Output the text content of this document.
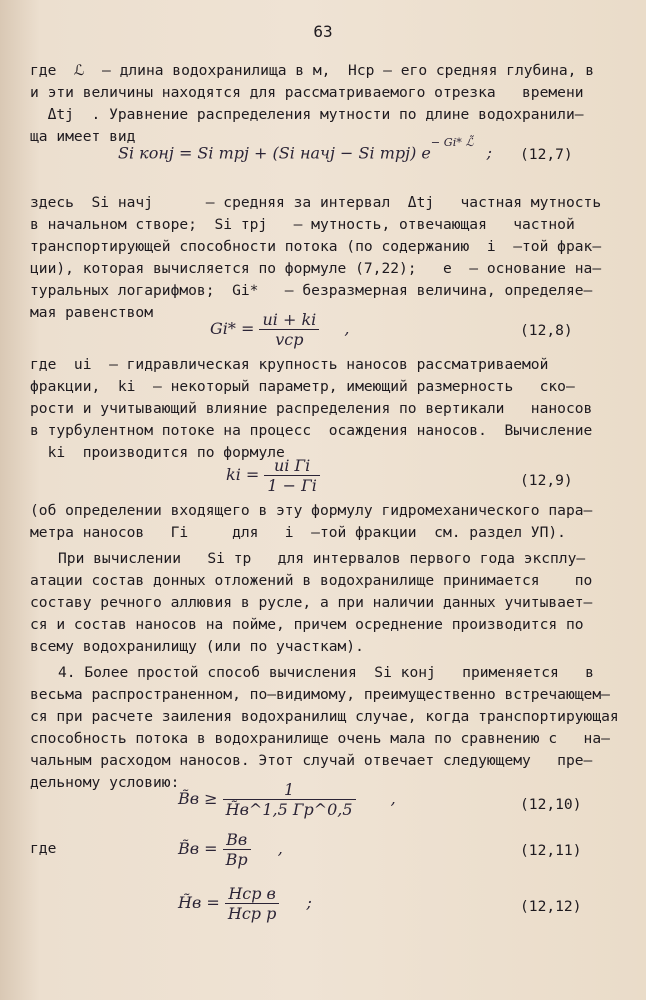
63
где  ℒ  – длина водохранилища в м,  Hср – его средняя глубина, в
и эти величины находятся для рассматриваемого отрезка   времени
Δtj  . Уравнение распределения мутности по длине водохранили–
ща имеет вид
здесь  Si начj      – средняя за интервал  Δtj   частная мутность
в начальном створе;  Si трj   – мутность, отвечающая   частной
транспортирующей способности потока (по содержанию  i  –той фрак–
ции), которая вычисляется по формуле (7,22);   e  – основание на–
туральных логарифмов;  Gi*   – безразмерная величина, определяе–
мая равенством
где  ui  – гидравлическая крупность наносов рассматриваемой
фракции,  ki  – некоторый параметр, имеющий размерность   ско–
рости и учитывающий влияние распределения по вертикали   наносов
в турбулентном потоке на процесс  осаждения наносов.  Вычисление
ki  производится по формуле
(об определении входящего в эту формулу гидромеханического пара–
метра наносов   Гi     для   i  –той фракции  см. раздел УП).
При вычислении   Si тр   для интервалов первого года эксплу–
атации состав донных отложений в водохранилище принимается    по
составу речного аллювия в русле, а при наличии данных учитывает–
ся и состав наносов на пойме, причем осреднение производится по
всему водохранилищу (или по участкам).
4. Более простой способ вычисления  Si конj   применяется   в
весьма распространенном, по–видимому, преимущественно встречающем–
ся при расчете заиления водохранилищ случае, когда транспортирующая
способность потока в водохранилище очень мала по сравнению с   на–
чальным расходом наносов. Этот случай отвечает следующему   пре–
дельному условию:
где
Si конj = Si трj + (Si начj − Si трj) $e^{- Gi* ℒ̃}$ ; (12,7)
$Gi* = \frac{ui + ki}{\text{vср}}$ ,	(12,8)
ki = $\frac{\text{ui Гi}}{1 - Гi}$	(12,9)
B̃в ≥ $\frac{1}{H̃в\^{}1,5 Гр\^{}0,5}$ ,	(12,10)
B̃в = $\frac{Bв}{Bр}$ ,	(12,11)
H̃в = $\frac{\text{Hср в}}{\text{Hср р}}$ ;	(12,12)
